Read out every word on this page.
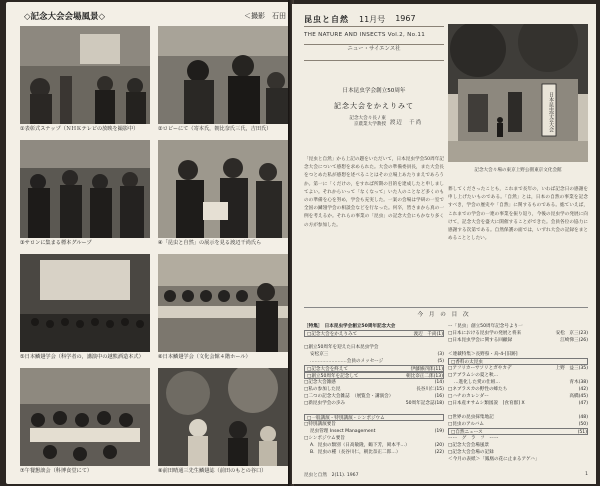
◇記念大会会場風景◇	＜撮影　石田
①表彰式スナップ（ＮＨＫテレビの放映を撮影中）	②ロビーにて（寄本氏，朝比奈氏三氏，吉田氏）
③サロンに集まる標本グループ	④「昆虫と自然」の展示を見る渡辺干尚氏ら
⑤日本鱗翅学会（科学者の，講演中の越熊酒造本式）	⑥日本鱗翅学会（文化会館４階ホール）
⑦午餐懇談会（科博食堂にて）	⑧前田晴通三先生鱗翅誌（前田のもとの谷口）
昆虫と自然 11月号 1967
THE NATURE AND INSECTS Vol.2, No.11
ニュー・サイエンス社
日本昆虫学会創立50周年
記念大会をかえりみて
記念大会々長 / 東京農業大学教授 渡辺　千尚
「昆虫と自然」から上記の題をいただいて，日本昆虫学会50周年記念大会について感想を求められた。大会の準備委員長，また大会長をつとめた私が感想を述べることはその立場上あたりまえであろうか。第一に「くだけの，をすれば所期の目的を達成したと申しましてよい。それからいって「なくなって」いた人のことなど多くのものの準備を心を努め，学会も充実した。一案の会場は学研の一室で全国の鱗翅学会の相談会などを行なった。何卒，皆さまから真の一例を考えるか。それらの事業の「昆虫」の記念大会にもかなり多くの方が参加した。
日本昆虫学会大会
記念大会々場の東京上野公園東京文化会館
葬してくださったことも，これまで長年の，いわば記念日の感謝を申し上げたいものである。「自然」とは，日本の自然の事業を記念すべき，学会の歴史や「自然」に関するものである。総ていえば，これまでの学会の一連の事業を振り返り，今後の昆虫学の発展に向けて，記念大会を盛大に開催することができた。会員各位の協力に感謝する次第である。自然保護の面では，いずれ大会の記録をまとめることとしたい。
今 月 の 目 次
［特集］　日本昆虫学会創立50周年記念大会
□記念大会をかえりみて	渡辺　千尚(1)
□創立50周年を迎えた日本昆虫学会
安松京三	(3)
……………………会員のメッセージ	(5)
□記念大会を終えて	伊藤修四郎(11)
□創立50周年を記念して	朝比奈正二郎(13)
□記念大会雑感	(14)
□私の参加した昆	長谷川仁(15)
□二つの記念大会雑誌　（展覧会・講演会）	(16)
□新昆虫学会の歩み	50周年記念誌(18)
□一般講演・特別講演・シンポジウム
□特別講演要旨
昆虫管理 Insect Management	(19)
□シンポジウム要旨
A．昆虫の類別（日高敏隆，鶴下芳，岡本半…）	(20)
B．昆虫の種（長谷川仁，朝比奈正二郎…）	(22)
ー「昆虫」創立50周年記念号より一
□日本における昆虫学の発展と将来	安松　京三(23)
□日本昆虫学会に関する回顧録	江崎悌三(26)
＜連載特集＞長野県・烏-4-[旧跡]
□香料の太昆虫
□アフリカーサソリとガやカデ	上野　益三(35)
□アブラムシの夏と秋…
…進化した愛の仕組…	青木(38)
□ネブラスカの野性の蜂たち	(42)
□ハチのカレンダー	高橋(45)
□日本産オサムシ類図説　[食育群] X	(47)
□世界の昆虫採集地記	(48)
□昆虫のアルバム	(50)
□自然ニュース	(51)
ーー　グ　ラ　フ　ーー
□記念大会会場風景
□記念大会会場の記録
＜今月の表紙＞「鳳凰の花に止まるアゲハ」
昆虫と自然　2(11). 1967	1
